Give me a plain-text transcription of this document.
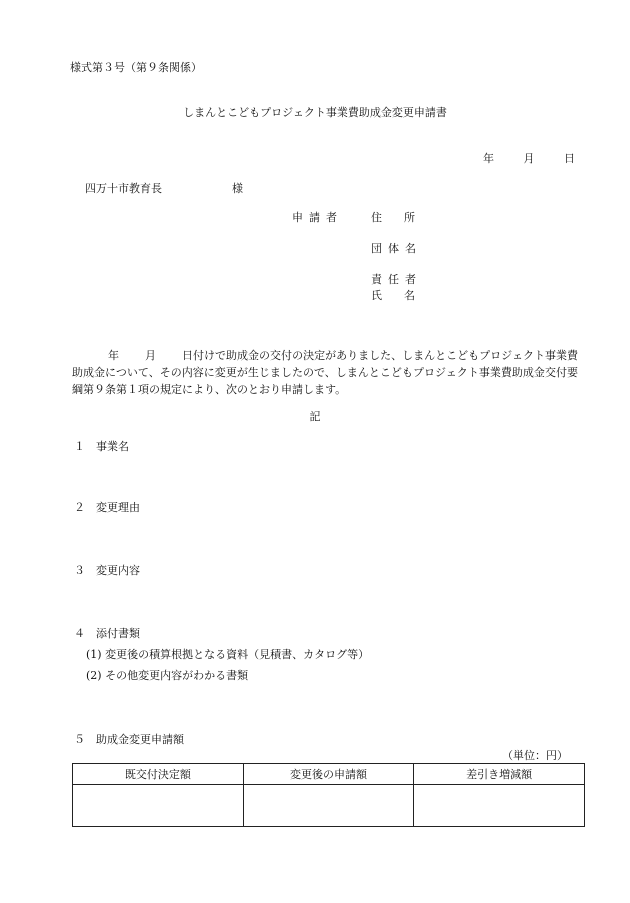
様式第３号（第９条関係）
しまんとこどもプロジェクト事業費助成金変更申請書
年	月	日
四万十市教育長	様
申請者	住　　所
団体名
責任者
氏　　名
年 月 日付けで助成金の交付の決定がありました、しまんとこどもプロジェクト事業費助成金について、その内容に変更が生じましたので、しまんとこどもプロジェクト事業費助成金交付要綱第９条第１項の規定により、次のとおり申請します。
記
１ 事業名
２ 変更理由
３ 変更内容
４ 添付書類
(1) 変更後の積算根拠となる資料（見積書、カタログ等）
(2) その他変更内容がわかる書類
５ 助成金変更申請額
（単位：円）
既交付決定額	変更後の申請額	差引き増減額
